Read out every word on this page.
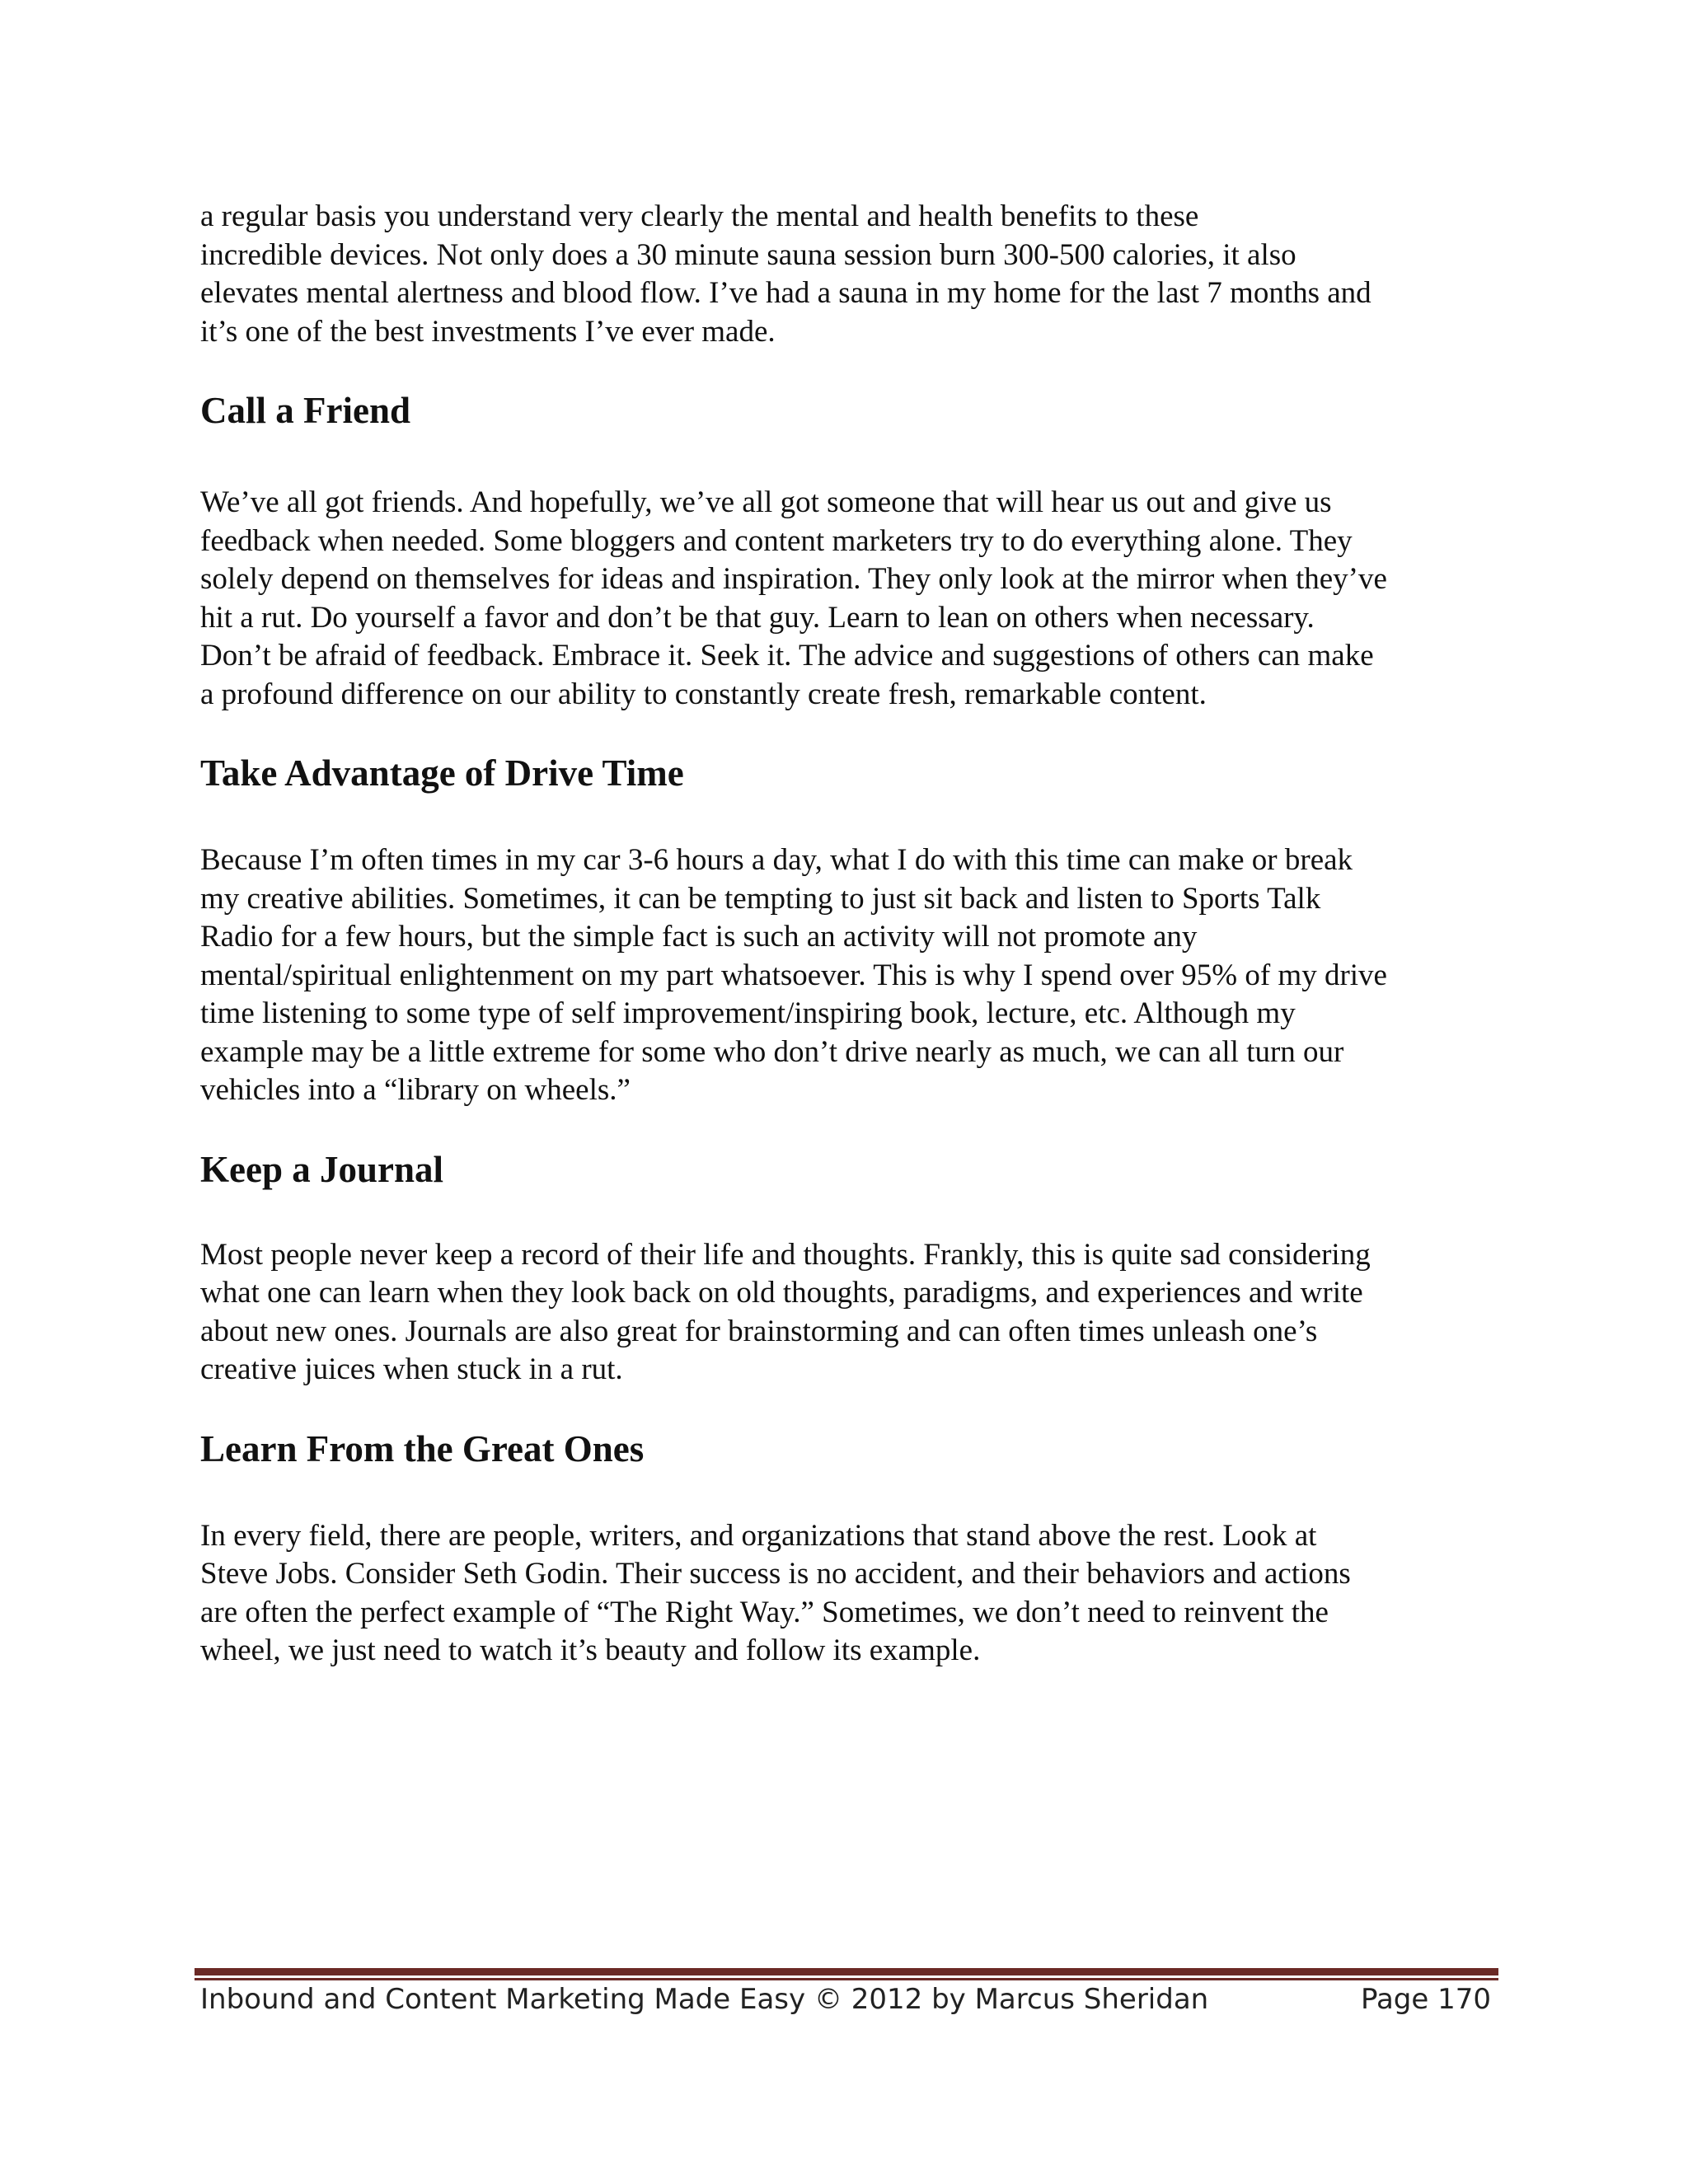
a regular basis you understand very clearly the mental and health benefits to these
incredible devices. Not only does a 30 minute sauna session burn 300-500 calories, it also
elevates mental alertness and blood flow. I’ve had a sauna in my home for the last 7 months and
it’s one of the best investments I’ve ever made.

Call a Friend

We’ve all got friends. And hopefully, we’ve all got someone that will hear us out and give us
feedback when needed. Some bloggers and content marketers try to do everything alone. They
solely depend on themselves for ideas and inspiration. They only look at the mirror when they’ve
hit a rut. Do yourself a favor and don’t be that guy. Learn to lean on others when necessary.
Don’t be afraid of feedback. Embrace it. Seek it. The advice and suggestions of others can make
a profound difference on our ability to constantly create fresh, remarkable content.

Take Advantage of Drive Time

Because I’m often times in my car 3-6 hours a day, what I do with this time can make or break
my creative abilities. Sometimes, it can be tempting to just sit back and listen to Sports Talk
Radio for a few hours, but the simple fact is such an activity will not promote any
mental/spiritual enlightenment on my part whatsoever. This is why I spend over 95% of my drive
time listening to some type of self improvement/inspiring book, lecture, etc. Although my
example may be a little extreme for some who don’t drive nearly as much, we can all turn our
vehicles into a “library on wheels.”

Keep a Journal

Most people never keep a record of their life and thoughts. Frankly, this is quite sad considering
what one can learn when they look back on old thoughts, paradigms, and experiences and write
about new ones. Journals are also great for brainstorming and can often times unleash one’s
creative juices when stuck in a rut.

Learn From the Great Ones

In every field, there are people, writers, and organizations that stand above the rest. Look at
Steve Jobs. Consider Seth Godin. Their success is no accident, and their behaviors and actions
are often the perfect example of “The Right Way.” Sometimes, we don’t need to reinvent the
wheel, we just need to watch it’s beauty and follow its example.

Inbound and Content Marketing Made Easy © 2012 by Marcus Sheridan	Page 170
